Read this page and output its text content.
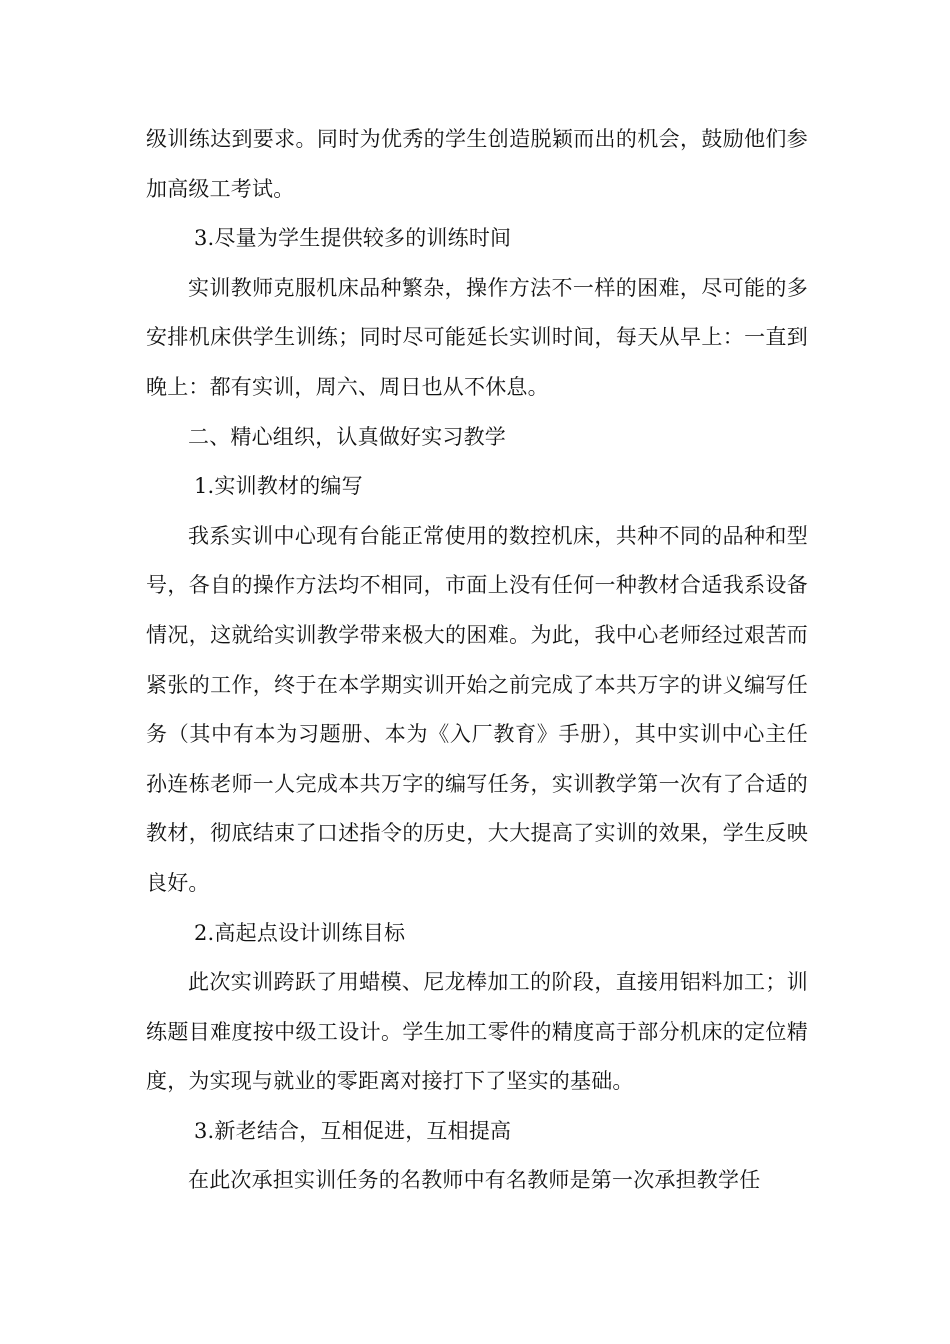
级训练达到要求。同时为优秀的学生创造脱颖而出的机会，鼓励他们参加高级工考试。

3.尽量为学生提供较多的训练时间

实训教师克服机床品种繁杂，操作方法不一样的困难，尽可能的多安排机床供学生训练；同时尽可能延长实训时间，每天从早上：一直到晚上：都有实训，周六、周日也从不休息。

二、精心组织，认真做好实习教学

1.实训教材的编写

我系实训中心现有台能正常使用的数控机床，共种不同的品种和型号，各自的操作方法均不相同，市面上没有任何一种教材合适我系设备情况，这就给实训教学带来极大的困难。为此，我中心老师经过艰苦而紧张的工作，终于在本学期实训开始之前完成了本共万字的讲义编写任务（其中有本为习题册、本为《入厂教育》手册），其中实训中心主任孙连栋老师一人完成本共万字的编写任务，实训教学第一次有了合适的教材，彻底结束了口述指令的历史，大大提高了实训的效果，学生反映良好。

2.高起点设计训练目标

此次实训跨跃了用蜡模、尼龙棒加工的阶段，直接用铝料加工；训练题目难度按中级工设计。学生加工零件的精度高于部分机床的定位精度，为实现与就业的零距离对接打下了坚实的基础。

3.新老结合，互相促进，互相提高

在此次承担实训任务的名教师中有名教师是第一次承担教学任
